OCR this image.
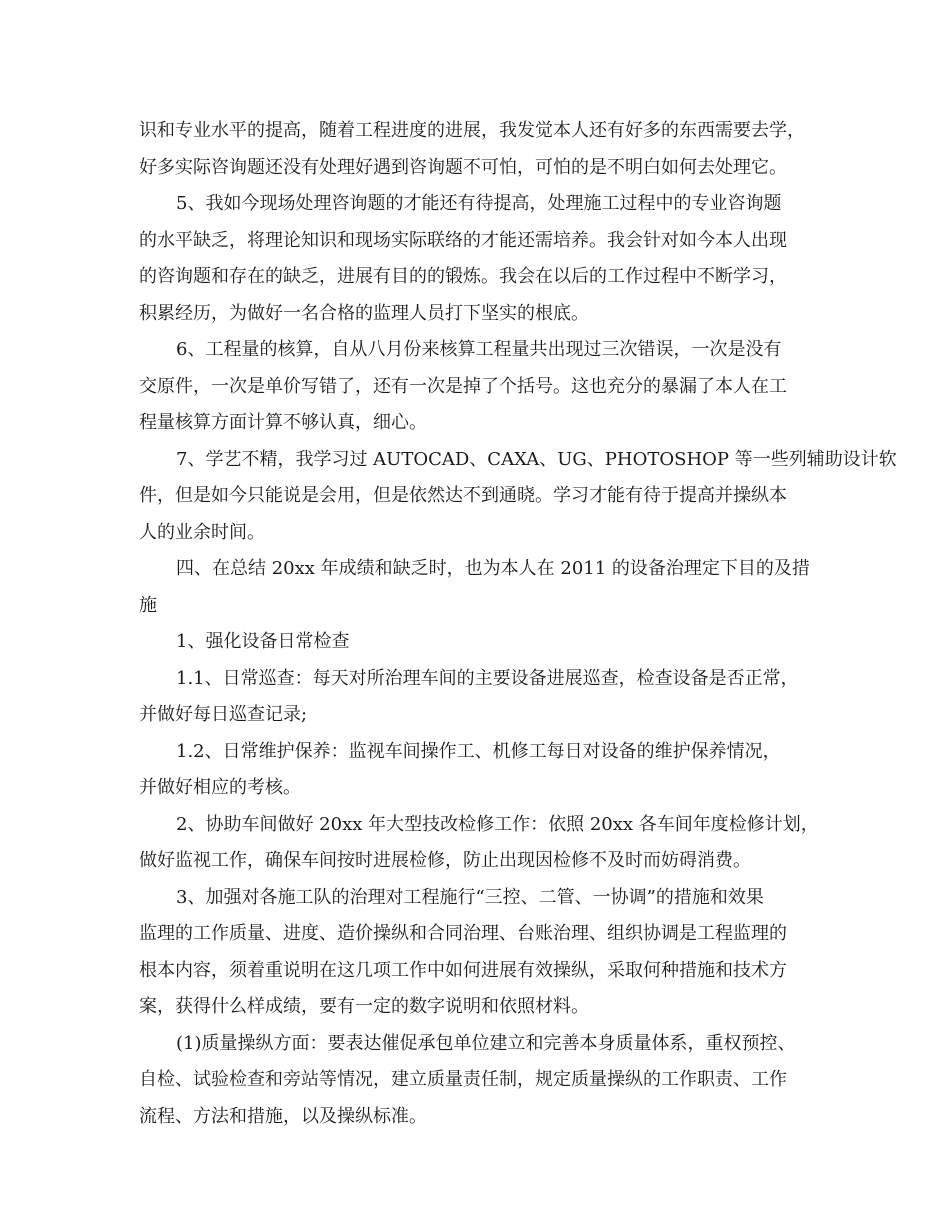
识和专业水平的提高，随着工程进度的进展，我发觉本人还有好多的东西需要去学，
好多实际咨询题还没有处理好遇到咨询题不可怕，可怕的是不明白如何去处理它。
5、我如今现场处理咨询题的才能还有待提高，处理施工过程中的专业咨询题
的水平缺乏，将理论知识和现场实际联络的才能还需培养。我会针对如今本人出现
的咨询题和存在的缺乏，进展有目的的锻炼。我会在以后的工作过程中不断学习，
积累经历，为做好一名合格的监理人员打下坚实的根底。
6、工程量的核算，自从八月份来核算工程量共出现过三次错误，一次是没有
交原件，一次是单价写错了，还有一次是掉了个括号。这也充分的暴漏了本人在工
程量核算方面计算不够认真，细心。
7、学艺不精，我学习过 AUTOCAD、CAXA、UG、PHOTOSHOP 等一些列辅助设计软
件，但是如今只能说是会用，但是依然达不到通晓。学习才能有待于提高并操纵本
人的业余时间。
四、在总结 20xx 年成绩和缺乏时，也为本人在 2011 的设备治理定下目的及措
施
1、强化设备日常检查
1.1、日常巡查：每天对所治理车间的主要设备进展巡查，检查设备是否正常，
并做好每日巡查记录;
1.2、日常维护保养：监视车间操作工、机修工每日对设备的维护保养情况，
并做好相应的考核。
2、协助车间做好 20xx 年大型技改检修工作：依照 20xx 各车间年度检修计划，
做好监视工作，确保车间按时进展检修，防止出现因检修不及时而妨碍消费。
3、加强对各施工队的治理对工程施行“三控、二管、一协调”的措施和效果
监理的工作质量、进度、造价操纵和合同治理、台账治理、组织协调是工程监理的
根本内容，须着重说明在这几项工作中如何进展有效操纵，采取何种措施和技术方
案，获得什么样成绩，要有一定的数字说明和依照材料。
(1)质量操纵方面：要表达催促承包单位建立和完善本身质量体系，重权预控、
自检、试验检查和旁站等情况，建立质量责任制，规定质量操纵的工作职责、工作
流程、方法和措施，以及操纵标准。
